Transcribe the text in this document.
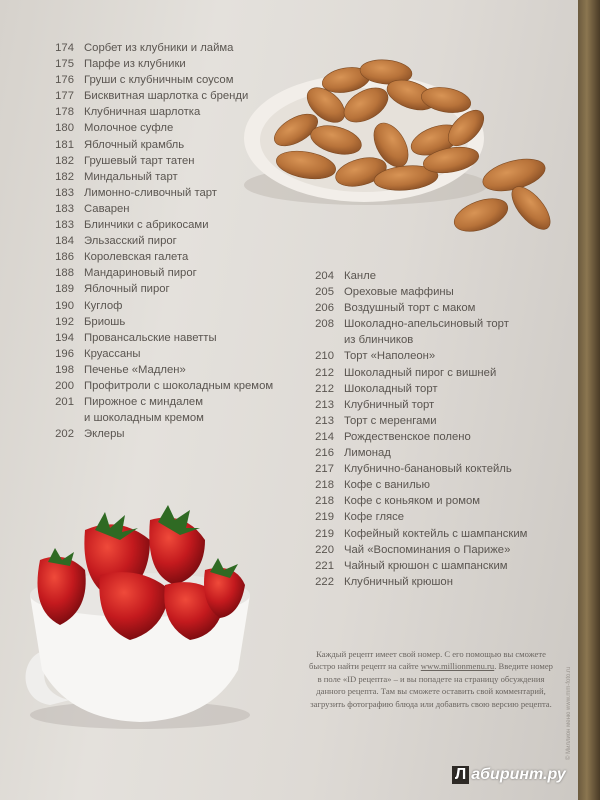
174 Сорбет из клубники и лайма
175 Парфе из клубники
176 Груши с клубничным соусом
177 Бисквитная шарлотка с бренди
178 Клубничная шарлотка
180 Молочное суфле
181 Яблочный крамбль
182 Грушевый тарт татен
182 Миндальный тарт
183 Лимонно-сливочный тарт
183 Саварен
183 Блинчики с абрикосами
184 Эльзасский пирог
186 Королевская галета
188 Мандариновый пирог
189 Яблочный пирог
190 Куглоф
192 Бриошь
194 Провансальские наветты
196 Круассаны
198 Печенье «Мадлен»
200 Профитроли с шоколадным кремом
201 Пирожное с миндалем
и шоколадным кремом
202 Эклеры
204 Канле
205 Ореховые маффины
206 Воздушный торт с маком
208 Шоколадно-апельсиновый торт
из блинчиков
210 Торт «Наполеон»
212 Шоколадный пирог с вишней
212 Шоколадный торт
213 Клубничный торт
213 Торт с меренгами
214 Рождественское полено
216 Лимонад
217 Клубнично-банановый коктейль
218 Кофе с ванилью
218 Кофе с коньяком и ромом
219 Кофе глясе
219 Кофейный коктейль с шампанским
220 Чай «Воспоминания о Париже»
221 Чайный крюшон с шампанским
222 Клубничный крюшон
Каждый рецепт имеет свой номер. С его помощью вы сможете быстро найти рецепт на сайте www.millionmenu.ru. Введите номер в поле «ID рецепта» – и вы попадете на страницу обсуждения данного рецепта. Там вы сможете оставить свой комментарий, загрузить фотографию блюда или добавить свою версию рецепта.	© Миллион меню www.mm-foto.ru
Л абиринт.ру
